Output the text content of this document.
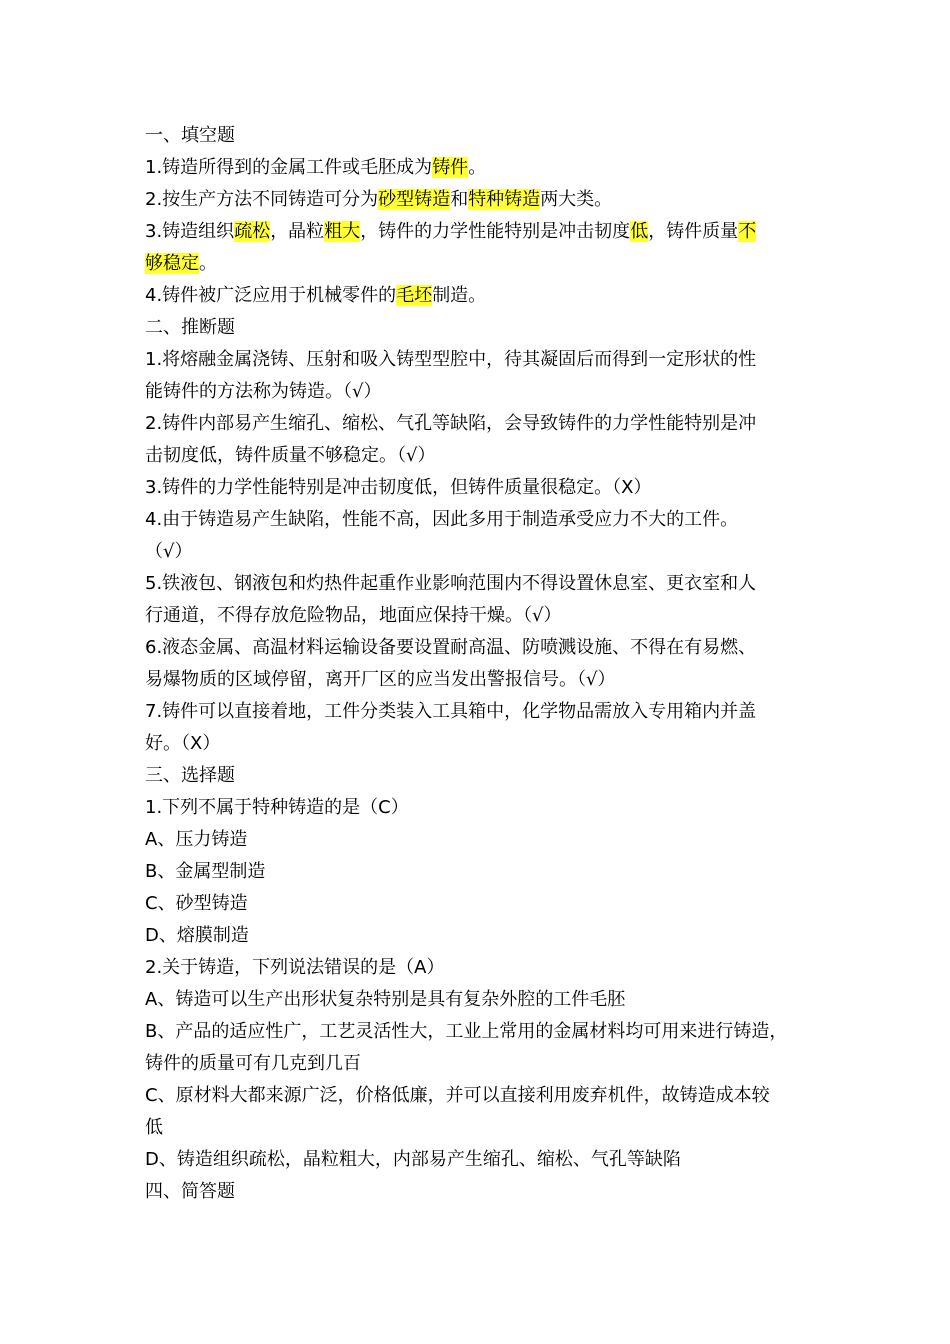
一、填空题
1.铸造所得到的金属工件或毛胚成为铸件。
2.按生产方法不同铸造可分为砂型铸造和特种铸造两大类。
3.铸造组织疏松，晶粒粗大，铸件的力学性能特别是冲击韧度低，铸件质量不
够稳定。
4.铸件被广泛应用于机械零件的毛坯制造。
二、推断题
1.将熔融金属浇铸、压射和吸入铸型型腔中，待其凝固后而得到一定形状的性
能铸件的方法称为铸造。（√）
2.铸件内部易产生缩孔、缩松、气孔等缺陷，会导致铸件的力学性能特别是冲
击韧度低，铸件质量不够稳定。（√）
3.铸件的力学性能特别是冲击韧度低，但铸件质量很稳定。（X）
4.由于铸造易产生缺陷，性能不高，因此多用于制造承受应力不大的工件。
（√）
5.铁液包、钢液包和灼热件起重作业影响范围内不得设置休息室、更衣室和人
行通道，不得存放危险物品，地面应保持干燥。（√）
6.液态金属、高温材料运输设备要设置耐高温、防喷溅设施、不得在有易燃、
易爆物质的区域停留，离开厂区的应当发出警报信号。（√）
7.铸件可以直接着地，工件分类装入工具箱中，化学物品需放入专用箱内并盖
好。（X）
三、选择题
1.下列不属于特种铸造的是（C）
A、压力铸造
B、金属型制造
C、砂型铸造
D、熔膜制造
2.关于铸造，下列说法错误的是（A）
A、铸造可以生产出形状复杂特别是具有复杂外腔的工件毛胚
B、产品的适应性广，工艺灵活性大，工业上常用的金属材料均可用来进行铸造，
铸件的质量可有几克到几百
C、原材料大都来源广泛，价格低廉，并可以直接利用废弃机件，故铸造成本较
低
D、铸造组织疏松，晶粒粗大，内部易产生缩孔、缩松、气孔等缺陷
四、简答题
